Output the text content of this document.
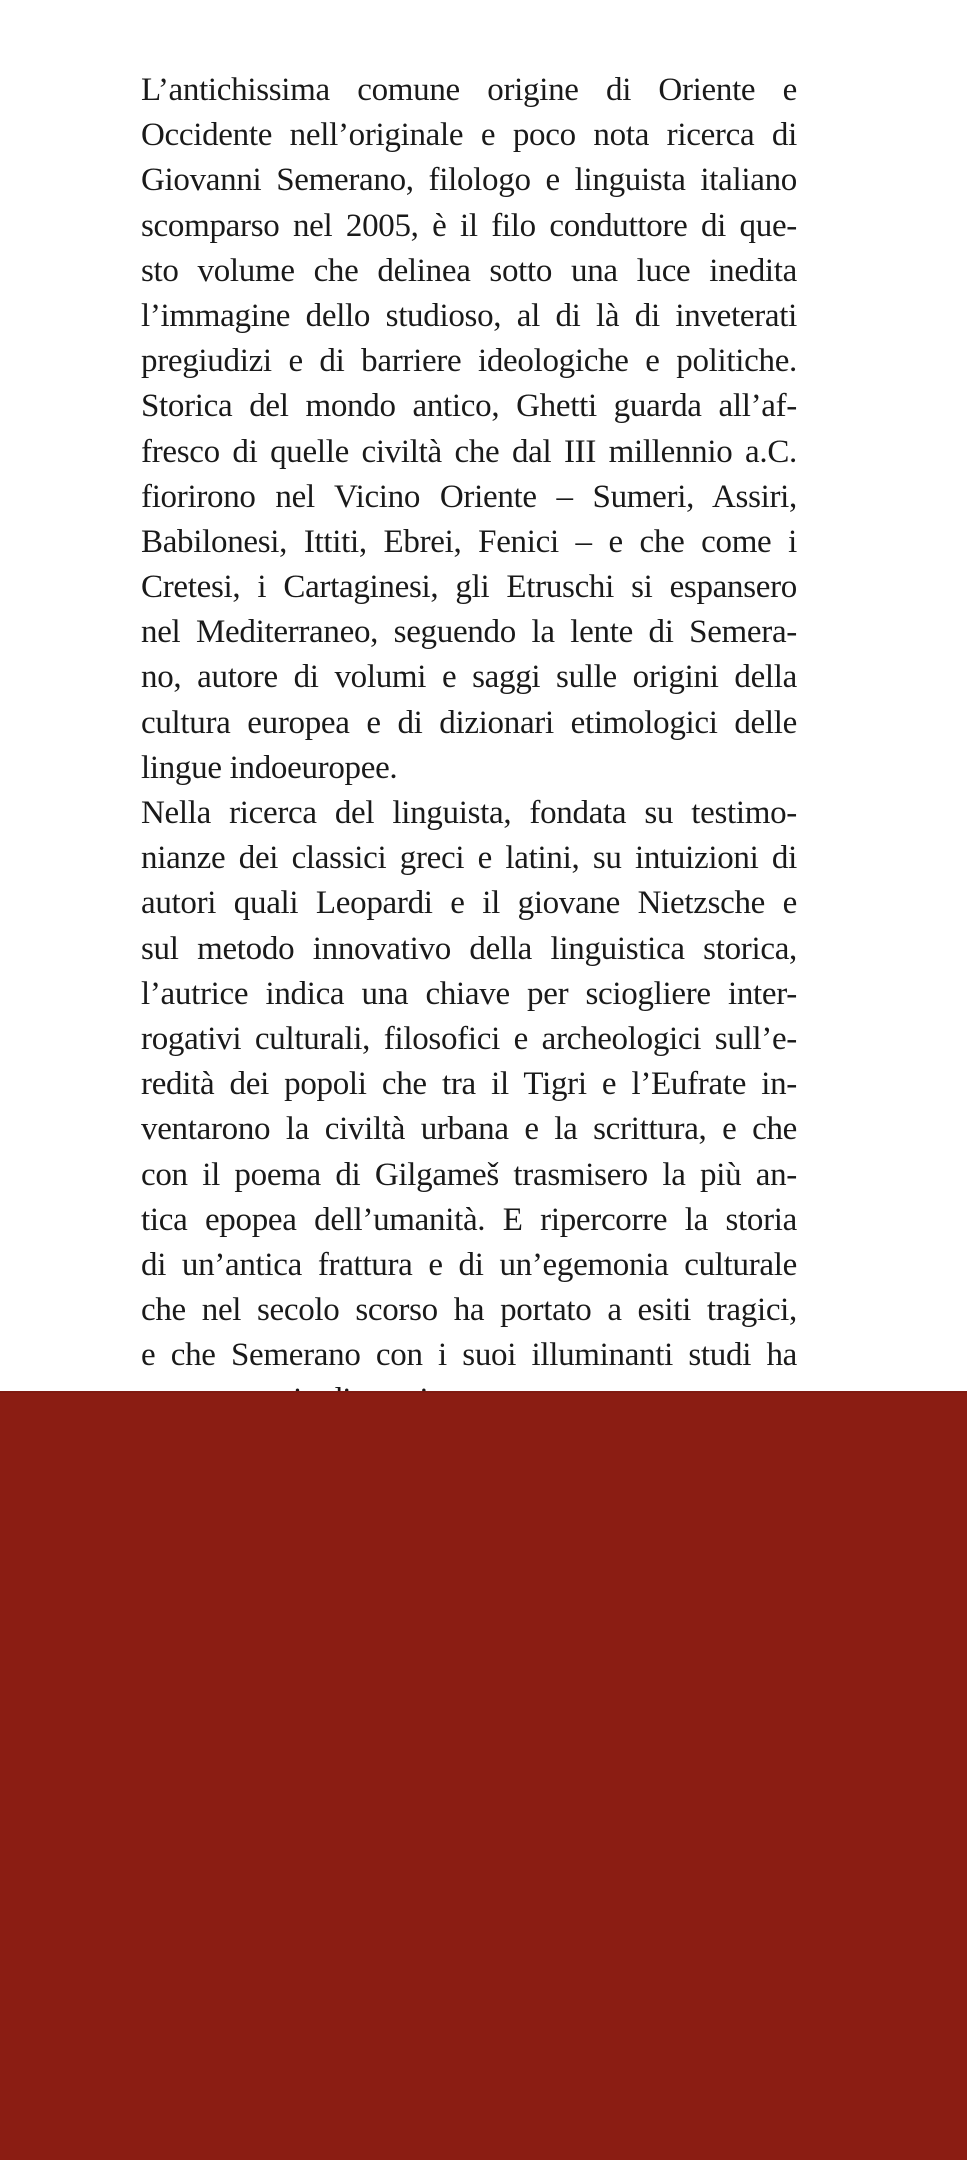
L’antichissima comune origine di Oriente e
Occidente nell’originale e poco nota ricerca di
Giovanni Semerano, filologo e linguista italiano
scomparso nel 2005, è il filo conduttore di que-
sto volume che delinea sotto una luce inedita
l’immagine dello studioso, al di là di inveterati
pregiudizi e di barriere ideologiche e politiche.
Storica del mondo antico, Ghetti guarda all’af-
fresco di quelle civiltà che dal III millennio a.C.
fiorirono nel Vicino Oriente – Sumeri, Assiri,
Babilonesi, Ittiti, Ebrei, Fenici – e che come i
Cretesi, i Cartaginesi, gli Etruschi si espansero
nel Mediterraneo, seguendo la lente di Semera-
no, autore di volumi e saggi sulle origini della
cultura europea e di dizionari etimologici delle
lingue indoeuropee.
Nella ricerca del linguista, fondata su testimo-
nianze dei classici greci e latini, su intuizioni di
autori quali Leopardi e il giovane Nietzsche e
sul metodo innovativo della linguistica storica,
l’autrice indica una chiave per sciogliere inter-
rogativi culturali, filosofici e archeologici sull’e-
redità dei popoli che tra il Tigri e l’Eufrate in-
ventarono la civiltà urbana e la scrittura, e che
con il poema di Gilgameš trasmisero la più an-
tica epopea dell’umanità. E ripercorre la storia
di un’antica frattura e di un’egemonia culturale
che nel secolo scorso ha portato a esiti tragici,
e che Semerano con i suoi illuminanti studi ha
